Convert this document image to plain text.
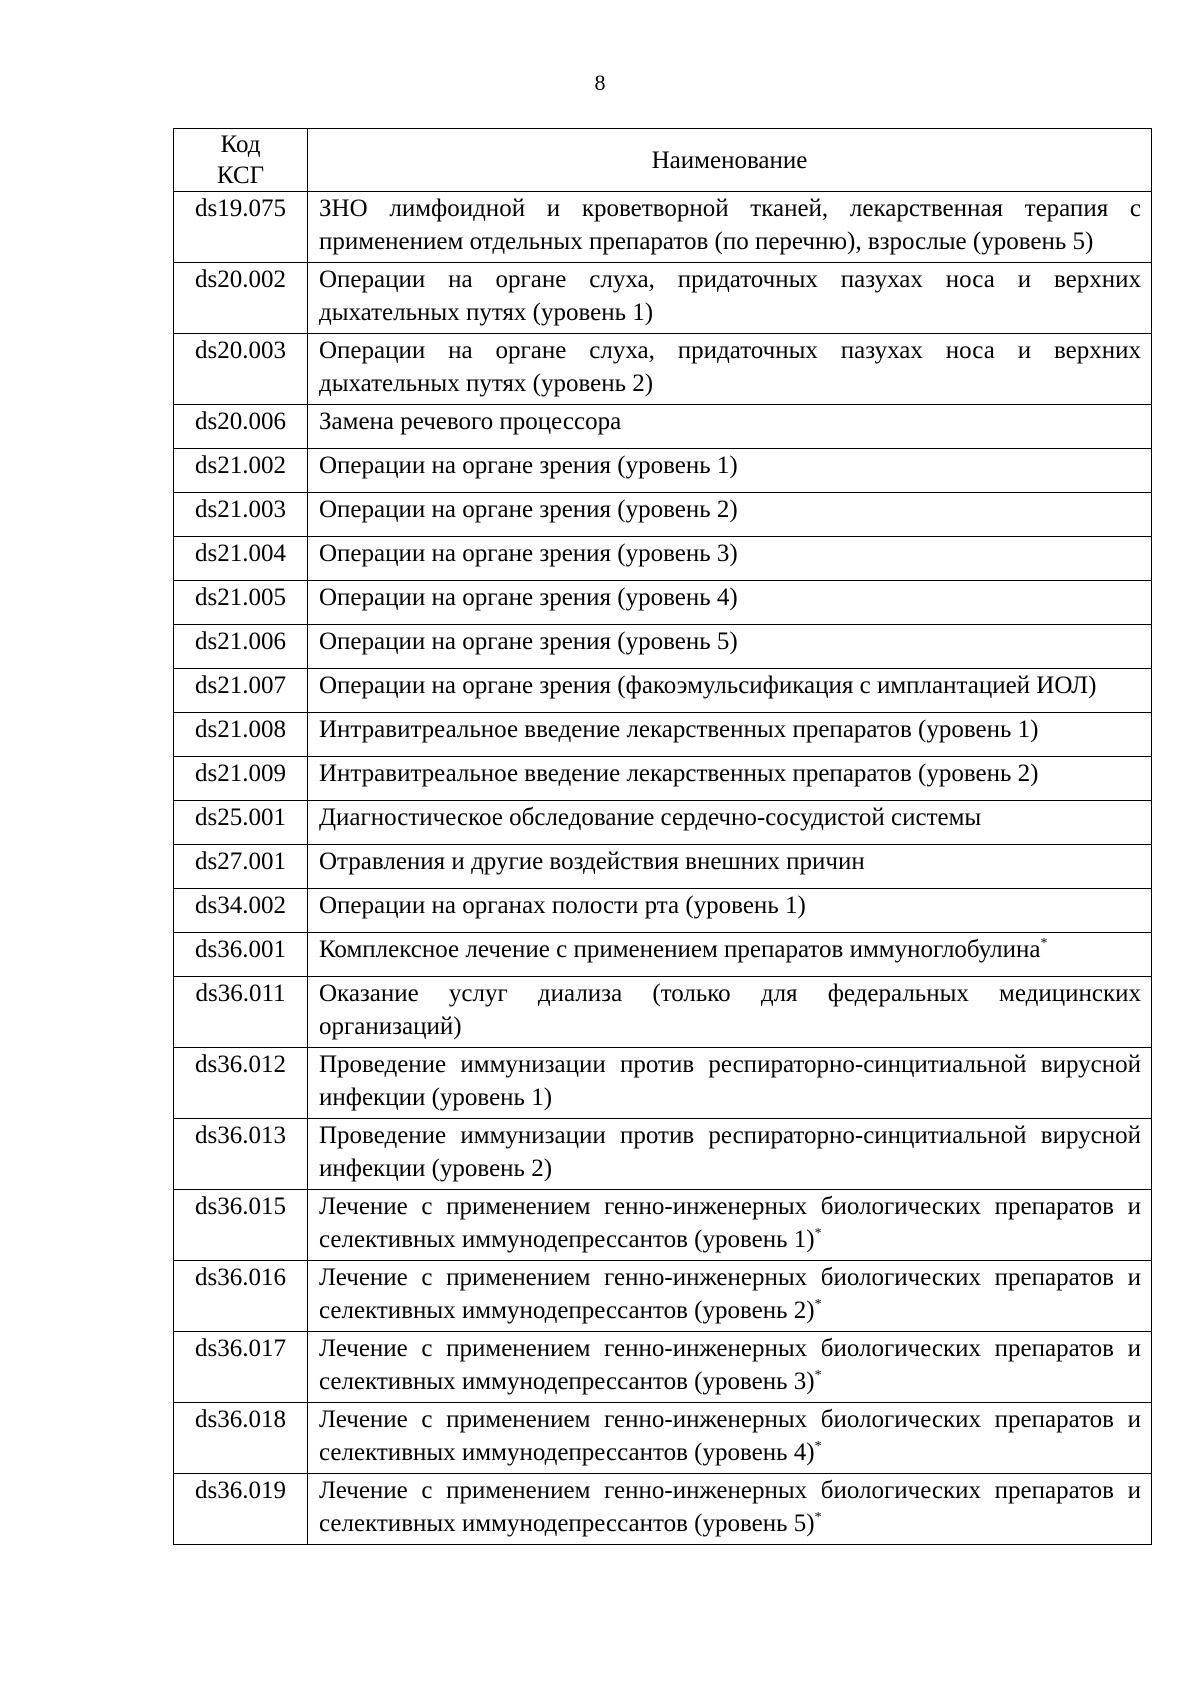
8
Код
КСГ	Наименование
ds19.075	ЗНО лимфоидной и кроветворной тканей, лекарственная терапия с применением отдельных препаратов (по перечню), взрослые (уровень 5)
ds20.002	Операции на органе слуха, придаточных пазухах носа и верхних дыхательных путях (уровень 1)
ds20.003	Операции на органе слуха, придаточных пазухах носа и верхних дыхательных путях (уровень 2)
ds20.006	Замена речевого процессора
ds21.002	Операции на органе зрения (уровень 1)
ds21.003	Операции на органе зрения (уровень 2)
ds21.004	Операции на органе зрения (уровень 3)
ds21.005	Операции на органе зрения (уровень 4)
ds21.006	Операции на органе зрения (уровень 5)
ds21.007	Операции на органе зрения (факоэмульсификация с имплантацией ИОЛ)
ds21.008	Интравитреальное введение лекарственных препаратов (уровень 1)
ds21.009	Интравитреальное введение лекарственных препаратов (уровень 2)
ds25.001	Диагностическое обследование сердечно-сосудистой системы
ds27.001	Отравления и другие воздействия внешних причин
ds34.002	Операции на органах полости рта (уровень 1)
ds36.001	Комплексное лечение с применением препаратов иммуноглобулина*
ds36.011	Оказание услуг диализа (только для федеральных медицинских организаций)
ds36.012	Проведение иммунизации против респираторно-синцитиальной вирусной инфекции (уровень 1)
ds36.013	Проведение иммунизации против респираторно-синцитиальной вирусной инфекции (уровень 2)
ds36.015	Лечение с применением генно-инженерных биологических препаратов и селективных иммунодепрессантов (уровень 1)*
ds36.016	Лечение с применением генно-инженерных биологических препаратов и селективных иммунодепрессантов (уровень 2)*
ds36.017	Лечение с применением генно-инженерных биологических препаратов и селективных иммунодепрессантов (уровень 3)*
ds36.018	Лечение с применением генно-инженерных биологических препаратов и селективных иммунодепрессантов (уровень 4)*
ds36.019	Лечение с применением генно-инженерных биологических препаратов и селективных иммунодепрессантов (уровень 5)*
